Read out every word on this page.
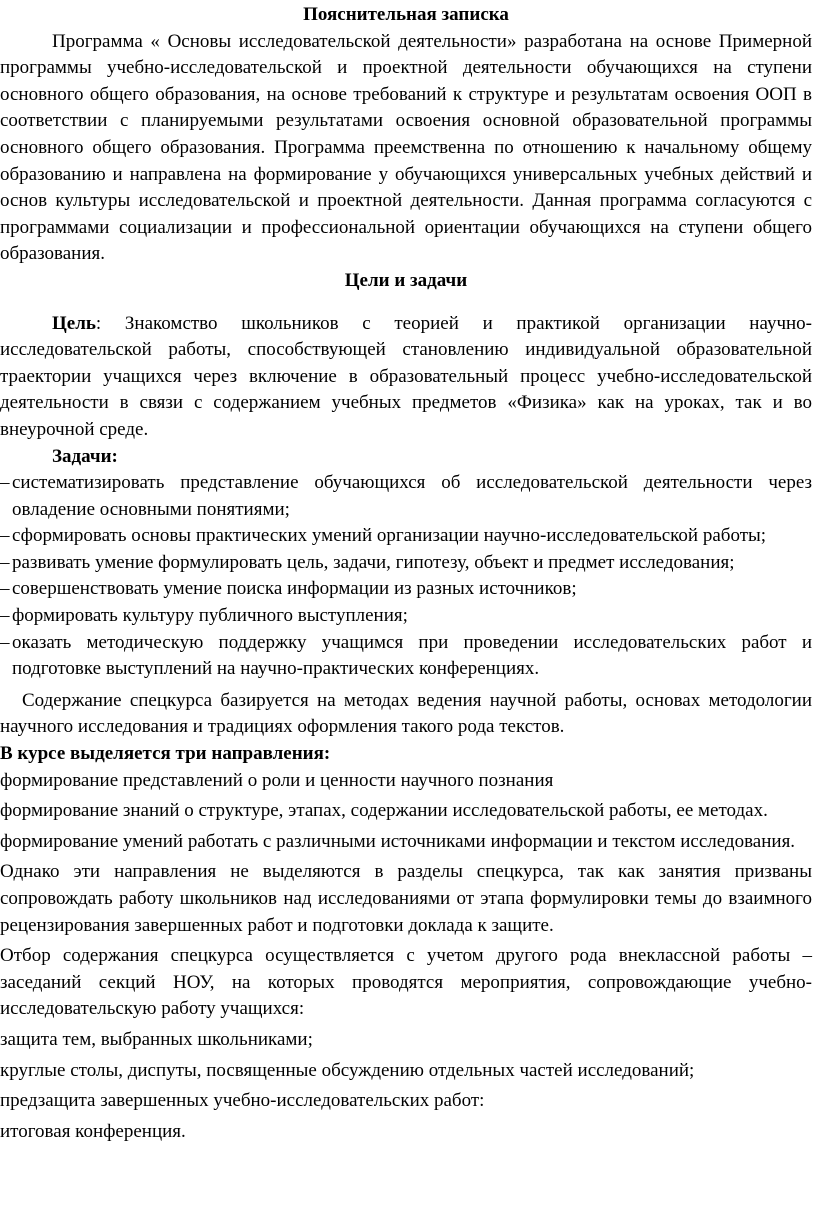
Пояснительная записка

Программа « Основы исследовательской деятельности» разработана на основе Примерной программы учебно-исследовательской и проектной деятельности обучающихся на ступени основного общего образования, на основе требований к структуре и результатам освоения ООП в соответствии с планируемыми результатами освоения основной образовательной программы основного общего образования. Программа преемственна по отношению к начальному общему образованию и направлена на формирование у обучающихся универсальных учебных действий и основ культуры исследовательской и проектной деятельности. Данная программа согласуются с программами социализации и профессиональной ориентации обучающихся на ступени общего образования.

Цели и задачи

Цель: Знакомство школьников с теорией и практикой организации научно-исследовательской работы, способствующей становлению индивидуальной образовательной траектории учащихся через включение в образовательный процесс учебно-исследовательской деятельности в связи с содержанием учебных предметов «Физика» как на уроках, так и во внеурочной среде.

Задачи:

– систематизировать представление обучающихся об исследовательской деятельности через овладение основными понятиями;

– сформировать основы практических умений организации научно-исследовательской работы;

– развивать умение формулировать цель, задачи, гипотезу, объект и предмет исследования;

– совершенствовать умение поиска информации из разных источников;

– формировать культуру публичного выступления;

– оказать методическую поддержку учащимся при проведении исследовательских работ и подготовке выступлений на научно-практических конференциях.

Содержание спецкурса базируется на методах ведения научной работы, основах методологии научного исследования и традициях оформления такого рода текстов.

В курсе выделяется три направления:

формирование представлений о роли и ценности научного познания

формирование знаний о структуре, этапах, содержании исследовательской работы, ее методах.

формирование умений работать с различными источниками информации и текстом исследования.

Однако эти направления не выделяются в разделы спецкурса, так как занятия призваны сопровождать работу школьников над исследованиями от этапа формулировки темы до взаимного рецензирования завершенных работ и подготовки доклада к защите.

Отбор содержания спецкурса осуществляется с учетом другого рода внеклассной работы – заседаний секций НОУ, на которых проводятся мероприятия, сопровождающие учебно-исследовательскую работу учащихся:

защита тем, выбранных школьниками;

круглые столы, диспуты, посвященные обсуждению отдельных частей исследований;

предзащита завершенных учебно-исследовательских работ:

итоговая конференция.
